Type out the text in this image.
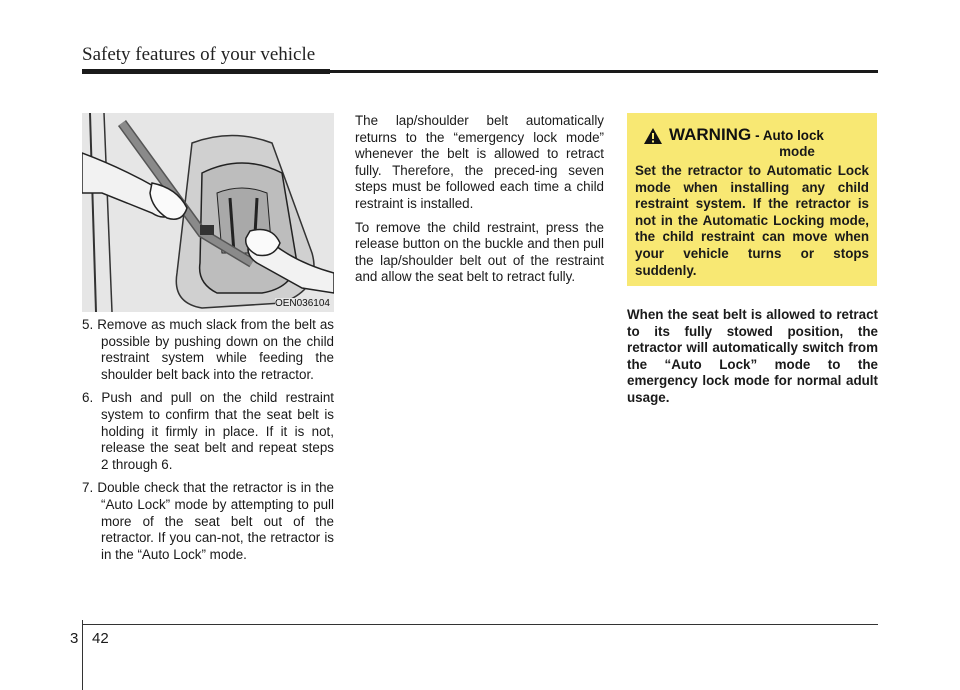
Safety features of your vehicle
OEN036104

5. Remove as much slack from the belt as possible by pushing down on the child restraint system while feeding the shoulder belt back into the retractor.

6. Push and pull on the child restraint system to confirm that the seat belt is holding it firmly in place. If it is not, release the seat belt and repeat steps 2 through 6.

7. Double check that the retractor is in the “Auto Lock” mode by attempting to pull more of the seat belt out of the retractor. If you can-not, the retractor is in the “Auto Lock” mode.

The lap/shoulder belt automatically returns to the “emergency lock mode” whenever the belt is allowed to retract fully. Therefore, the preced-ing seven steps must be followed each time a child restraint is installed.

To remove the child restraint, press the release button on the buckle and then pull the lap/shoulder belt out of the restraint and allow the seat belt to retract fully.

WARNING - Auto lock
mode
Set the retractor to Automatic Lock mode when installing any child restraint system. If the retractor is not in the Automatic Locking mode, the child restraint can move when your vehicle turns or stops suddenly.
When the seat belt is allowed to retract to its fully stowed position, the retractor will automatically switch from the “Auto Lock” mode to the emergency lock mode for normal adult usage.
3 42
